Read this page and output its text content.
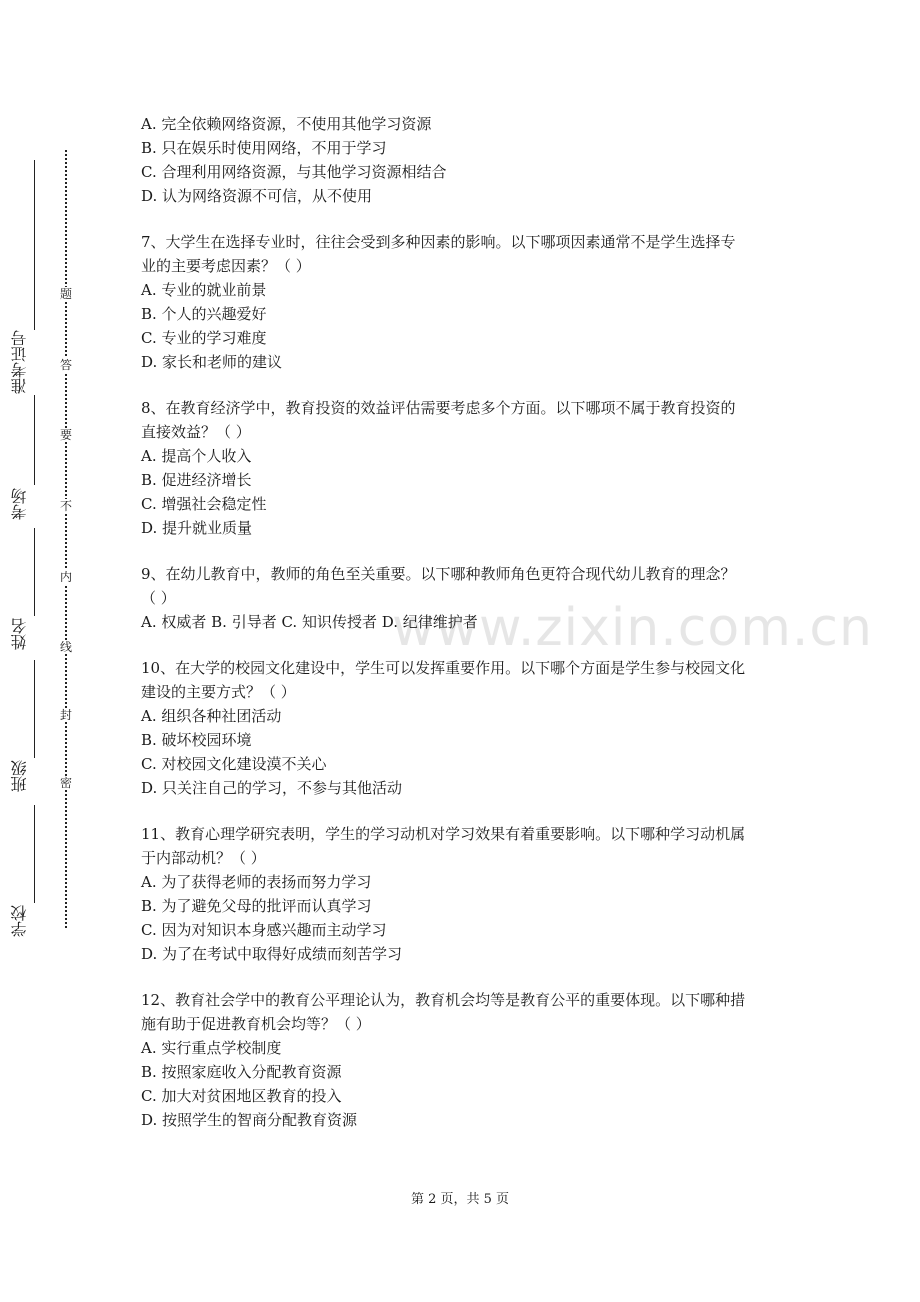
准考证号
考场
姓名
班级
学校
题
答
要
不
内
线
封
密
www.zixin.com.cn
A. 完全依赖网络资源，不使用其他学习资源
B. 只在娱乐时使用网络，不用于学习
C. 合理利用网络资源，与其他学习资源相结合
D. 认为网络资源不可信，从不使用
7、大学生在选择专业时，往往会受到多种因素的影响。以下哪项因素通常不是学生选择专
业的主要考虑因素？（ ）
A. 专业的就业前景
B. 个人的兴趣爱好
C. 专业的学习难度
D. 家长和老师的建议
8、在教育经济学中，教育投资的效益评估需要考虑多个方面。以下哪项不属于教育投资的
直接效益？（ ）
A. 提高个人收入
B. 促进经济增长
C. 增强社会稳定性
D. 提升就业质量
9、在幼儿教育中，教师的角色至关重要。以下哪种教师角色更符合现代幼儿教育的理念？
（ ）
A. 权威者 B. 引导者 C. 知识传授者 D. 纪律维护者
10、在大学的校园文化建设中，学生可以发挥重要作用。以下哪个方面是学生参与校园文化
建设的主要方式？（ ）
A. 组织各种社团活动
B. 破坏校园环境
C. 对校园文化建设漠不关心
D. 只关注自己的学习，不参与其他活动
11、教育心理学研究表明，学生的学习动机对学习效果有着重要影响。以下哪种学习动机属
于内部动机？（ ）
A. 为了获得老师的表扬而努力学习
B. 为了避免父母的批评而认真学习
C. 因为对知识本身感兴趣而主动学习
D. 为了在考试中取得好成绩而刻苦学习
12、教育社会学中的教育公平理论认为，教育机会均等是教育公平的重要体现。以下哪种措
施有助于促进教育机会均等？（ ）
A. 实行重点学校制度
B. 按照家庭收入分配教育资源
C. 加大对贫困地区教育的投入
D. 按照学生的智商分配教育资源
第 2 页，共 5 页
